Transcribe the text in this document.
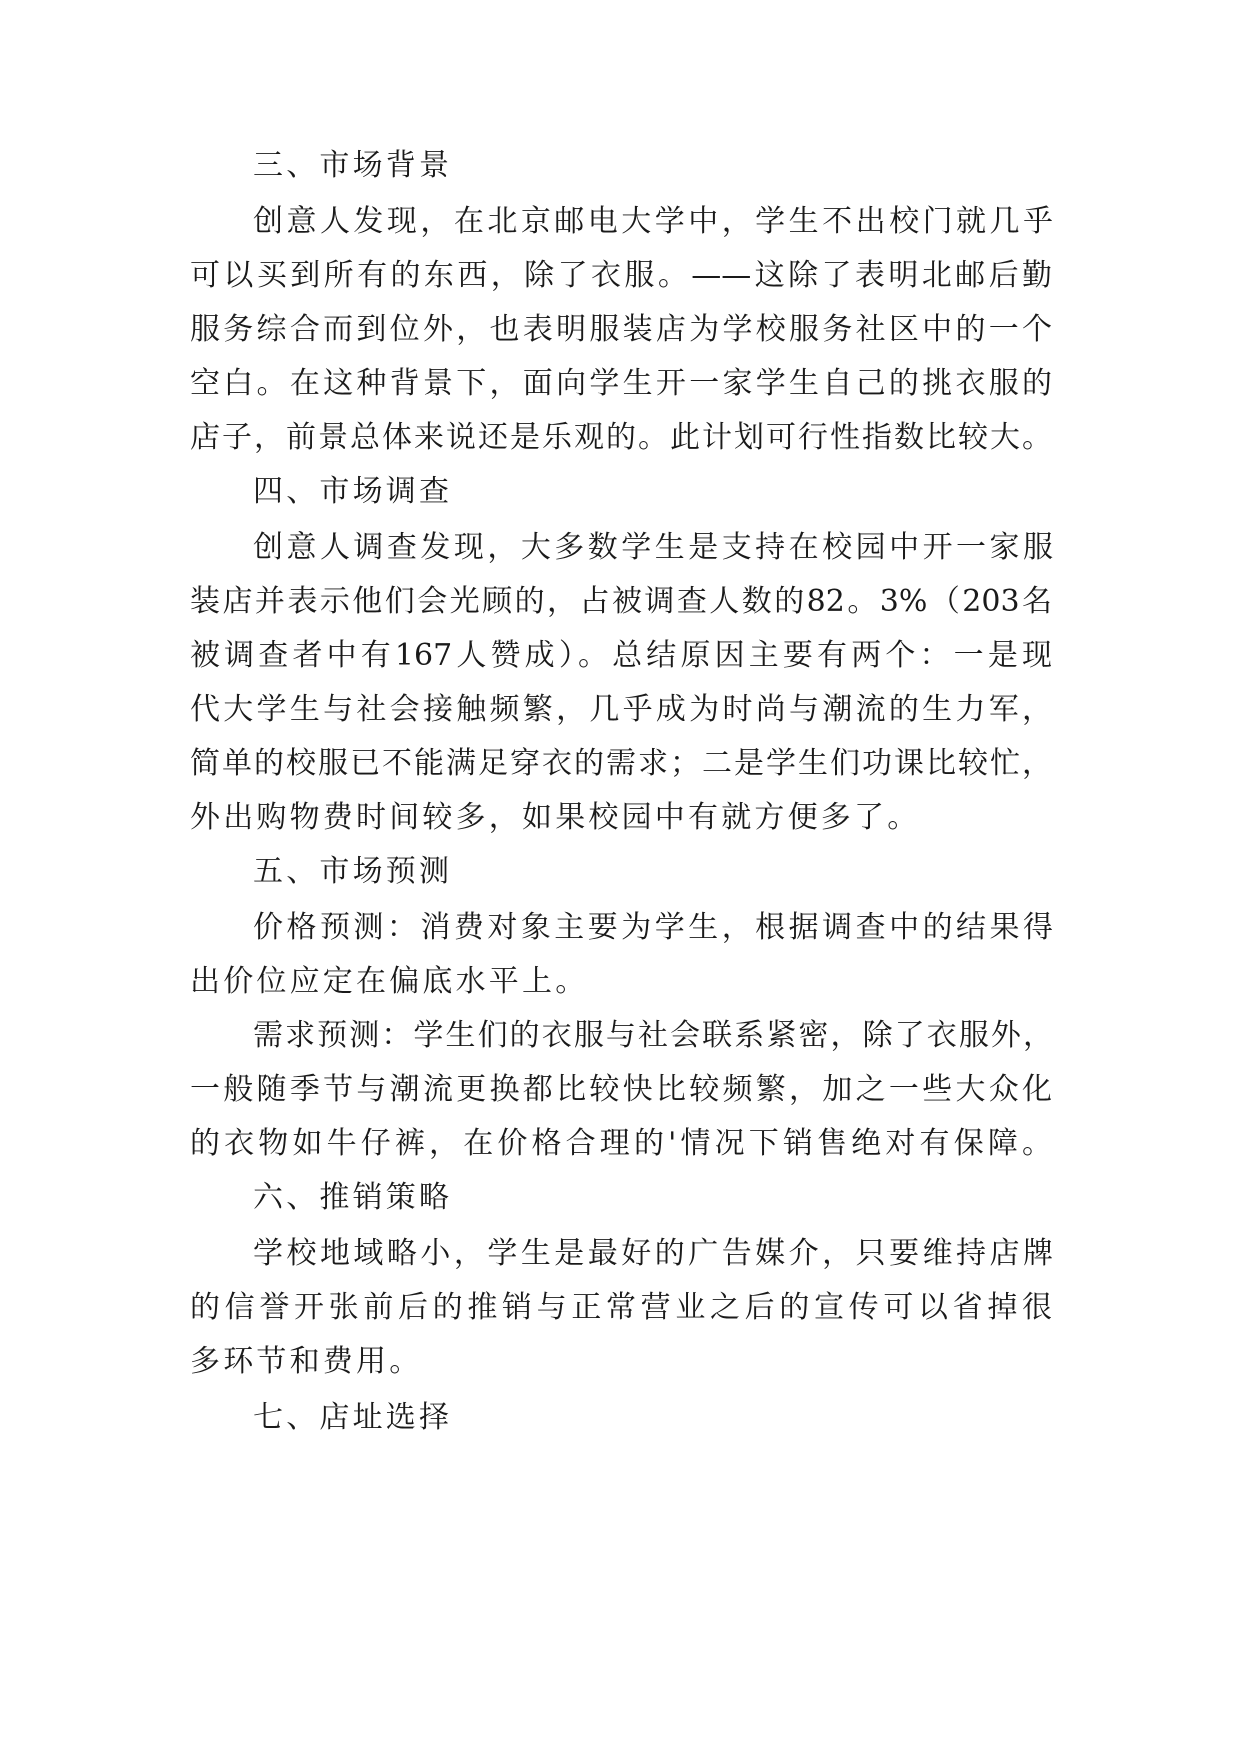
三、市场背景
创意人发现，在北京邮电大学中，学生不出校门就几乎
可以买到所有的东西，除了衣服。——这除了表明北邮后勤
服务综合而到位外，也表明服装店为学校服务社区中的一个
空白。在这种背景下，面向学生开一家学生自己的挑衣服的
店子，前景总体来说还是乐观的。此计划可行性指数比较大。
四、市场调查
创意人调查发现，大多数学生是支持在校园中开一家服
装店并表示他们会光顾的，占被调查人数的82。3%（203名
被调查者中有167人赞成）。总结原因主要有两个：一是现
代大学生与社会接触频繁，几乎成为时尚与潮流的生力军，
简单的校服已不能满足穿衣的需求；二是学生们功课比较忙，
外出购物费时间较多，如果校园中有就方便多了。
五、市场预测
价格预测：消费对象主要为学生，根据调查中的结果得
出价位应定在偏底水平上。
需求预测：学生们的衣服与社会联系紧密，除了衣服外，
一般随季节与潮流更换都比较快比较频繁，加之一些大众化
的衣物如牛仔裤，在价格合理的'情况下销售绝对有保障。
六、推销策略
学校地域略小，学生是最好的广告媒介，只要维持店牌
的信誉开张前后的推销与正常营业之后的宣传可以省掉很
多环节和费用。
七、店址选择
